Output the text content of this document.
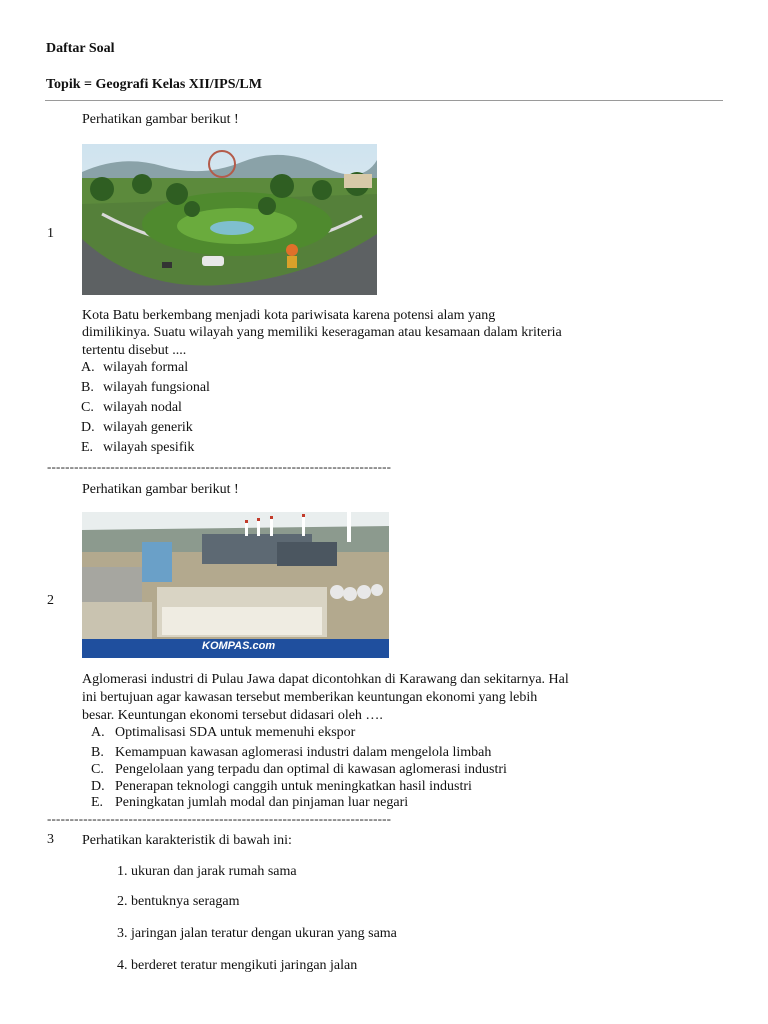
Daftar Soal
Topik = Geografi Kelas XII/IPS/LM
Perhatikan gambar berikut !
1
Kota Batu berkembang menjadi kota pariwisata karena potensi alam yang
dimilikinya. Suatu wilayah yang memiliki keseragaman atau kesamaan dalam kriteria
tertentu disebut ....
A. wilayah formal
B. wilayah fungsional
C. wilayah nodal
D. wilayah generik
E. wilayah spesifik
----------------------------------------------------------------------------
Perhatikan gambar berikut !
2
KOMPAS.com
Aglomerasi industri di Pulau Jawa dapat dicontohkan di Karawang dan sekitarnya. Hal
ini bertujuan agar kawasan tersebut memberikan keuntungan ekonomi yang lebih
besar. Keuntungan ekonomi tersebut didasari oleh ….
A. Optimalisasi SDA untuk memenuhi ekspor
B. Kemampuan kawasan aglomerasi industri dalam mengelola limbah
C. Pengelolaan yang terpadu dan optimal di kawasan aglomerasi industri
D. Penerapan teknologi canggih untuk meningkatkan hasil industri
E. Peningkatan jumlah modal dan pinjaman luar negari
----------------------------------------------------------------------------
3 Perhatikan karakteristik di bawah ini:
1. ukuran dan jarak rumah sama
2. bentuknya seragam
3. jaringan jalan teratur dengan ukuran yang sama
4. berderet teratur mengikuti jaringan jalan
